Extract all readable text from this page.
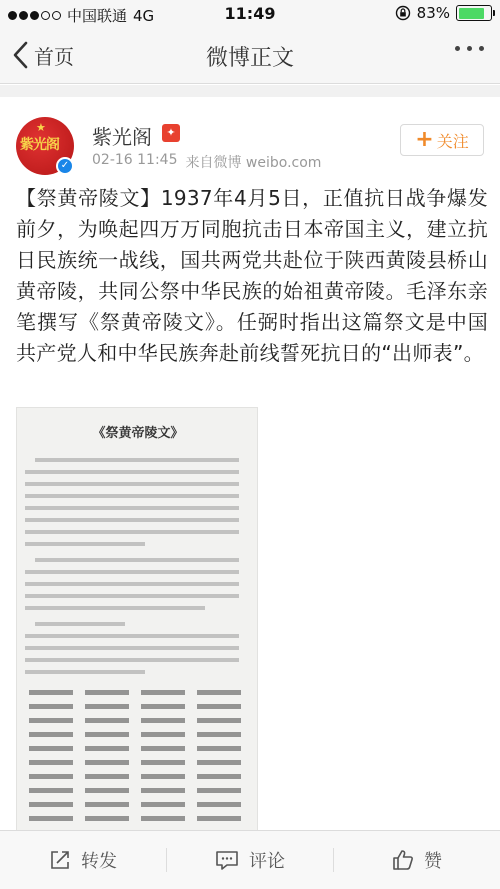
中国联通 4G	11:49	83%
首页	微博正文
★
紫光阁
✓
紫光阁	✦
02-16 11:45 来自微博 weibo.com
+ 关注
【祭黄帝陵文】1937年4月5日，正值抗日战争爆发前夕，为唤起四万万同胞抗击日本帝国主义，建立抗日民族统一战线，国共两党共赴位于陕西黄陵县桥山黄帝陵，共同公祭中华民族的始祖黄帝陵。毛泽东亲笔撰写《祭黄帝陵文》。任弼时指出这篇祭文是中国共产党人和中华民族奔赴前线誓死抗日的“出师表”。
《祭黄帝陵文》
转发	评论	赞
